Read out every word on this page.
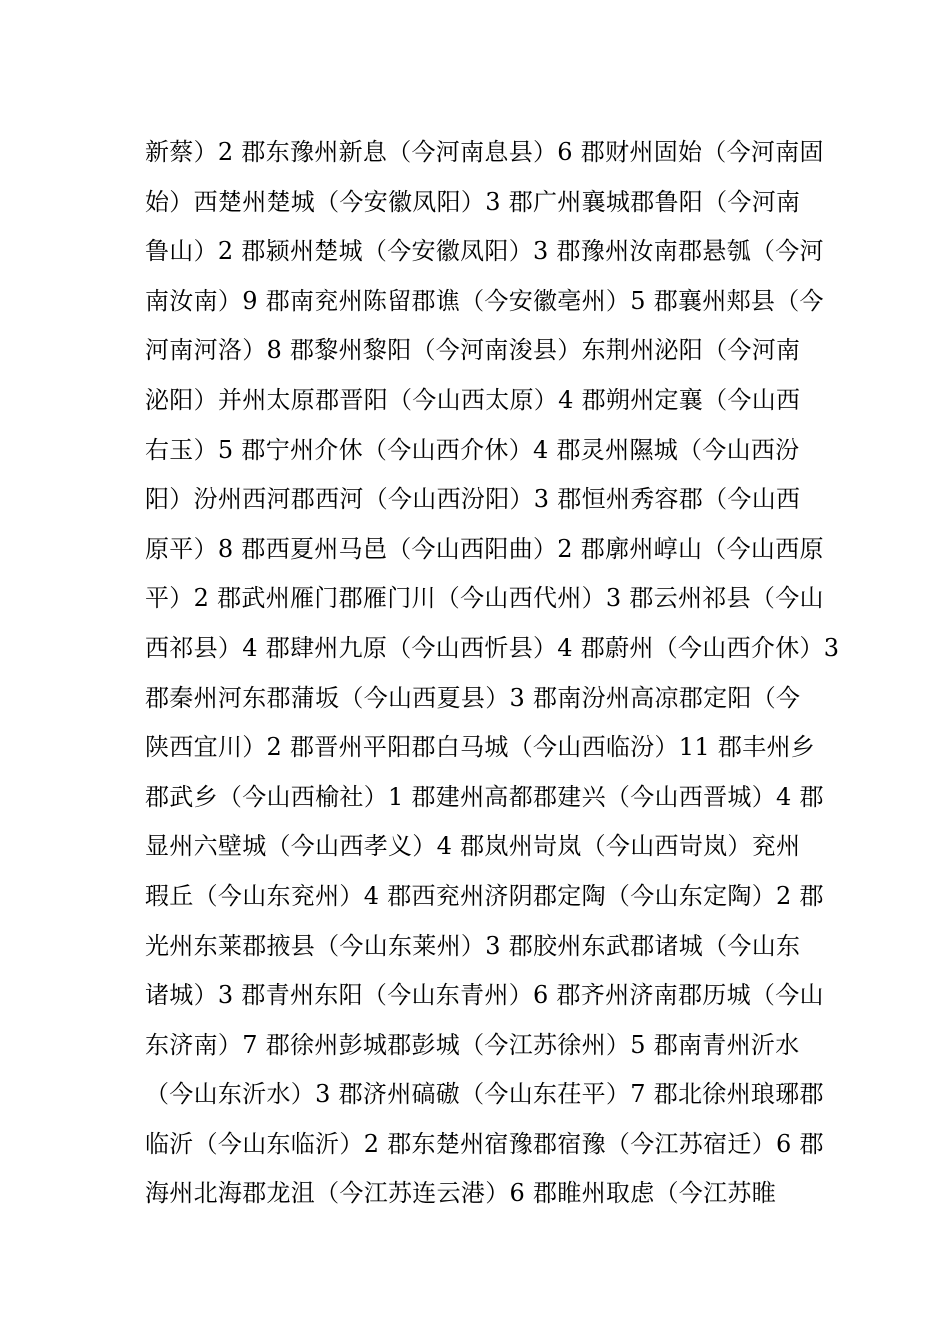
新蔡）2 郡东豫州新息（今河南息县）6 郡财州固始（今河南固
始）西楚州楚城（今安徽凤阳）3 郡广州襄城郡鲁阳（今河南
鲁山）2 郡颍州楚城（今安徽凤阳）3 郡豫州汝南郡悬瓠（今河
南汝南）9 郡南兖州陈留郡谯（今安徽亳州）5 郡襄州郏县（今
河南河洛）8 郡黎州黎阳（今河南浚县）东荆州泌阳（今河南
泌阳）并州太原郡晋阳（今山西太原）4 郡朔州定襄（今山西
右玉）5 郡宁州介休（今山西介休）4 郡灵州隰城（今山西汾
阳）汾州西河郡西河（今山西汾阳）3 郡恒州秀容郡（今山西
原平）8 郡西夏州马邑（今山西阳曲）2 郡廓州崞山（今山西原
平）2 郡武州雁门郡雁门川（今山西代州）3 郡云州祁县（今山
西祁县）4 郡肆州九原（今山西忻县）4 郡蔚州（今山西介休）3
郡秦州河东郡蒲坂（今山西夏县）3 郡南汾州高凉郡定阳（今
陕西宜川）2 郡晋州平阳郡白马城（今山西临汾）11 郡丰州乡
郡武乡（今山西榆社）1 郡建州高都郡建兴（今山西晋城）4 郡
显州六壁城（今山西孝义）4 郡岚州岢岚（今山西岢岚）兖州
瑕丘（今山东兖州）4 郡西兖州济阴郡定陶（今山东定陶）2 郡
光州东莱郡掖县（今山东莱州）3 郡胶州东武郡诸城（今山东
诸城）3 郡青州东阳（今山东青州）6 郡齐州济南郡历城（今山
东济南）7 郡徐州彭城郡彭城（今江苏徐州）5 郡南青州沂水
（今山东沂水）3 郡济州碻磝（今山东茌平）7 郡北徐州琅琊郡
临沂（今山东临沂）2 郡东楚州宿豫郡宿豫（今江苏宿迁）6 郡
海州北海郡龙沮（今江苏连云港）6 郡睢州取虑（今江苏睢
